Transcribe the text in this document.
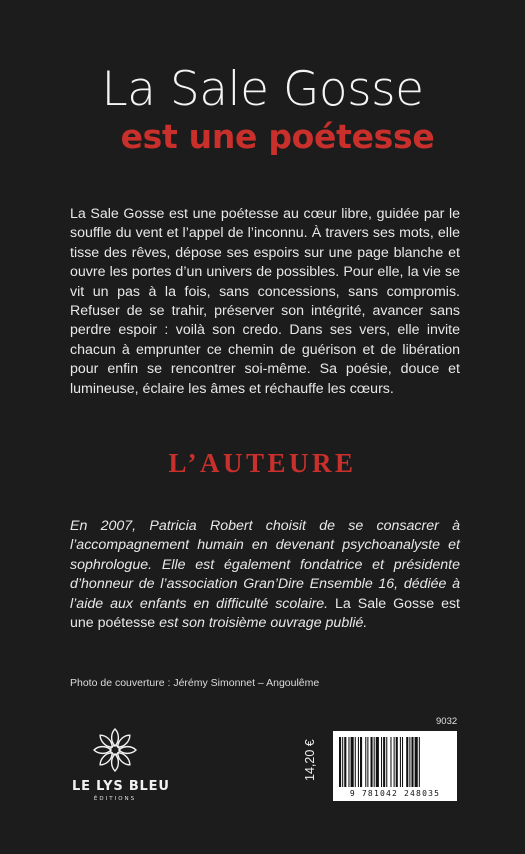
La Sale Gosse
est une poétesse

La Sale Gosse est une poétesse au cœur libre, guidée par le souffle du vent et l’appel de l’inconnu. À travers ses mots, elle tisse des rêves, dépose ses espoirs sur une page blanche et ouvre les portes d’un univers de possibles. Pour elle, la vie se vit un pas à la fois, sans concessions, sans compromis. Refuser de se trahir, préserver son intégrité, avancer sans perdre espoir : voilà son credo. Dans ses vers, elle invite chacun à emprunter ce chemin de guérison et de libération pour enfin se rencontrer soi-même. Sa poésie, douce et lumineuse, éclaire les âmes et réchauffe les cœurs.

L’AUTEURE

En 2007, Patricia Robert choisit de se consacrer à l’accompagnement humain en devenant psychoanalyste et sophrologue. Elle est également fondatrice et présidente d’honneur de l’association Gran’Dire Ensemble 16, dédiée à l’aide aux enfants en difficulté scolaire. La Sale Gosse est une poétesse est son troisième ouvrage publié.

Photo de couverture : Jérémy Simonnet – Angoulême
LE LYS BLEU
ÉDITIONS
9032
14,20 €
9 781042 248035
